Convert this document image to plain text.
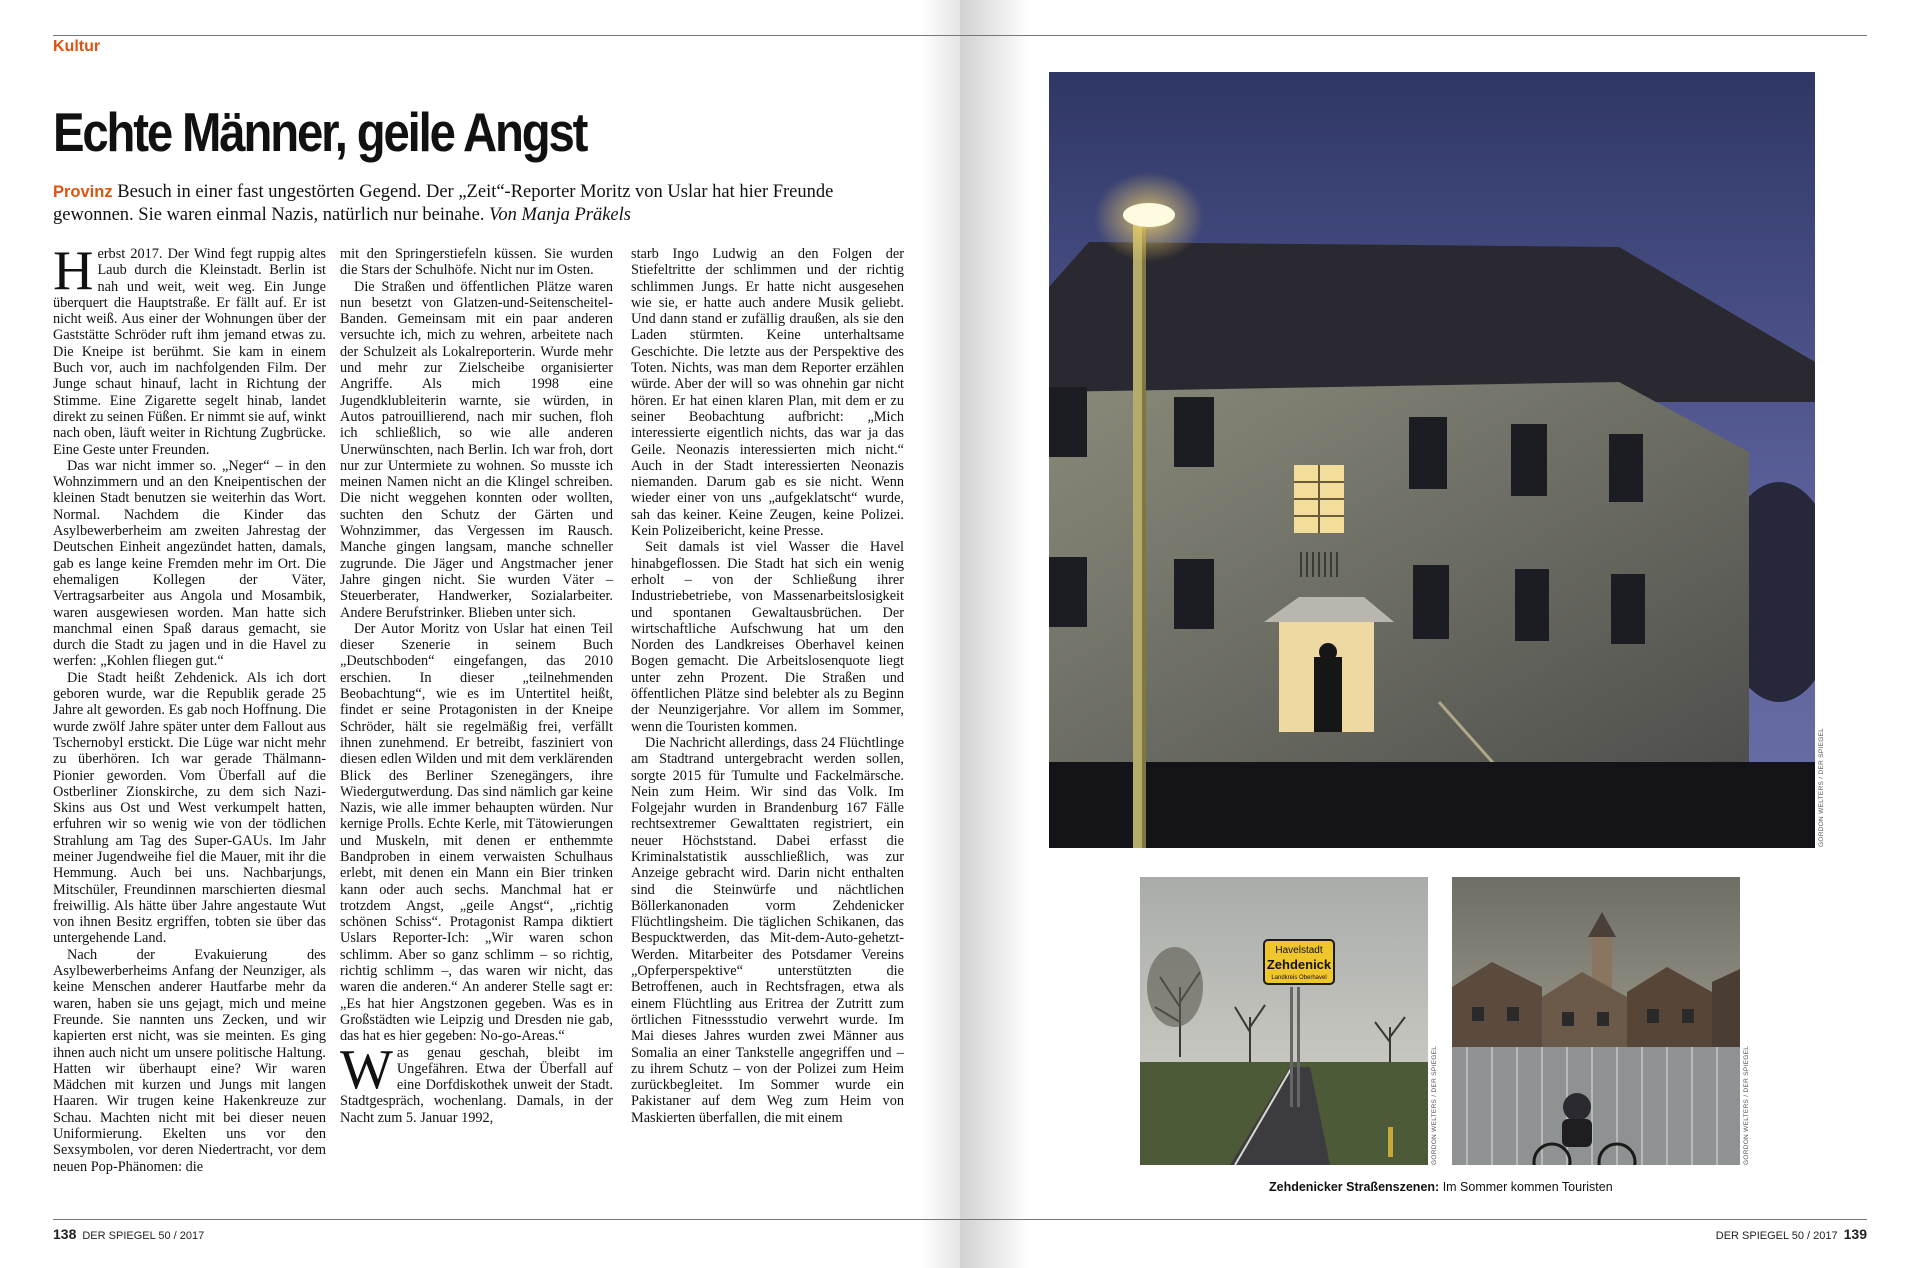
Kultur
Echte Männer, geile Angst
Provinz Besuch in einer fast ungestörten Gegend. Der „Zeit“-Reporter Moritz von Uslar hat hier Freunde gewonnen. Sie waren einmal Nazis, natürlich nur beinahe. Von Manja Präkels

Herbst 2017. Der Wind fegt ruppig altes Laub durch die Kleinstadt. Berlin ist nah und weit, weit weg. Ein Junge überquert die Hauptstraße. Er fällt auf. Er ist nicht weiß. Aus einer der Wohnungen über der Gaststätte Schröder ruft ihm jemand etwas zu. Die Kneipe ist berühmt. Sie kam in einem Buch vor, auch im nachfolgenden Film. Der Junge schaut hinauf, lacht in Richtung der Stimme. Eine Zigarette segelt hinab, landet direkt zu seinen Füßen. Er nimmt sie auf, winkt nach oben, läuft weiter in Richtung Zugbrücke. Eine Geste unter Freunden.

Das war nicht immer so. „Neger“ – in den Wohnzimmern und an den Kneipentischen der kleinen Stadt benutzen sie weiterhin das Wort. Normal. Nachdem die Kinder das Asylbewerberheim am zweiten Jahrestag der Deutschen Einheit angezündet hatten, damals, gab es lange keine Fremden mehr im Ort. Die ehemaligen Kollegen der Väter, Vertragsarbeiter aus Angola und Mosambik, waren ausgewiesen worden. Man hatte sich manchmal einen Spaß daraus gemacht, sie durch die Stadt zu jagen und in die Havel zu werfen: „Kohlen fliegen gut.“

Die Stadt heißt Zehdenick. Als ich dort geboren wurde, war die Republik gerade 25 Jahre alt geworden. Es gab noch Hoffnung. Die wurde zwölf Jahre später unter dem Fallout aus Tschernobyl erstickt. Die Lüge war nicht mehr zu überhören. Ich war gerade Thälmann-Pionier geworden. Vom Überfall auf die Ostberliner Zionskirche, zu dem sich Nazi-Skins aus Ost und West verkumpelt hatten, erfuhren wir so wenig wie von der tödlichen Strahlung am Tag des Super-GAUs. Im Jahr meiner Jugendweihe fiel die Mauer, mit ihr die Hemmung. Auch bei uns. Nachbarjungs, Mitschüler, Freundinnen marschierten diesmal freiwillig. Als hätte über Jahre angestaute Wut von ihnen Besitz ergriffen, tobten sie über das untergehende Land.

Nach der Evakuierung des Asylbewerberheims Anfang der Neunziger, als keine Menschen anderer Hautfarbe mehr da waren, haben sie uns gejagt, mich und meine Freunde. Sie nannten uns Zecken, und wir kapierten erst nicht, was sie meinten. Es ging ihnen auch nicht um unsere politische Haltung. Hatten wir überhaupt eine? Wir waren Mädchen mit kurzen und Jungs mit langen Haaren. Wir trugen keine Hakenkreuze zur Schau. Machten nicht mit bei dieser neuen Uniformierung. Ekelten uns vor den Sexsymbolen, vor deren Niedertracht, vor dem neuen Pop-Phänomen: die

mit den Springerstiefeln küssen. Sie wurden die Stars der Schulhöfe. Nicht nur im Osten.

Die Straßen und öffentlichen Plätze waren nun besetzt von Glatzen-und-Seitenscheitel-Banden. Gemeinsam mit ein paar anderen versuchte ich, mich zu wehren, arbeitete nach der Schulzeit als Lokalreporterin. Wurde mehr und mehr zur Zielscheibe organisierter Angriffe. Als mich 1998 eine Jugendklubleiterin warnte, sie würden, in Autos patrouillierend, nach mir suchen, floh ich schließlich, so wie alle anderen Unerwünschten, nach Berlin. Ich war froh, dort nur zur Untermiete zu wohnen. So musste ich meinen Namen nicht an die Klingel schreiben. Die nicht weggehen konnten oder wollten, suchten den Schutz der Gärten und Wohnzimmer, das Vergessen im Rausch. Manche gingen langsam, manche schneller zugrunde. Die Jäger und Angstmacher jener Jahre gingen nicht. Sie wurden Väter – Steuerberater, Handwerker, Sozialarbeiter. Andere Berufstrinker. Blieben unter sich.

Der Autor Moritz von Uslar hat einen Teil dieser Szenerie in seinem Buch „Deutschboden“ eingefangen, das 2010 erschien. In dieser „teilnehmenden Beobachtung“, wie es im Untertitel heißt, findet er seine Protagonisten in der Kneipe Schröder, hält sie regelmäßig frei, verfällt ihnen zunehmend. Er betreibt, fasziniert von diesen edlen Wilden und mit dem verklärenden Blick des Berliner Szenegängers, ihre Wiedergutwerdung. Das sind nämlich gar keine Nazis, wie alle immer behaupten würden. Nur kernige Prolls. Echte Kerle, mit Tätowierungen und Muskeln, mit denen er enthemmte Bandproben in einem verwaisten Schulhaus erlebt, mit denen ein Mann ein Bier trinken kann oder auch sechs. Manchmal hat er trotzdem Angst, „geile Angst“, „richtig schönen Schiss“. Protagonist Rampa diktiert Uslars Reporter-Ich: „Wir waren schon schlimm. Aber so ganz schlimm – so richtig, richtig schlimm –, das waren wir nicht, das waren die anderen.“ An anderer Stelle sagt er: „Es hat hier Angstzonen gegeben. Was es in Großstädten wie Leipzig und Dresden nie gab, das hat es hier gegeben: No-go-Areas.“

Was genau geschah, bleibt im Ungefähren. Etwa der Überfall auf eine Dorfdiskothek unweit der Stadt. Stadtgespräch, wochenlang. Damals, in der Nacht zum 5. Januar 1992,

starb Ingo Ludwig an den Folgen der Stiefeltritte der schlimmen und der richtig schlimmen Jungs. Er hatte nicht ausgesehen wie sie, er hatte auch andere Musik geliebt. Und dann stand er zufällig draußen, als sie den Laden stürmten. Keine unterhaltsame Geschichte. Die letzte aus der Perspektive des Toten. Nichts, was man dem Reporter erzählen würde. Aber der will so was ohnehin gar nicht hören. Er hat einen klaren Plan, mit dem er zu seiner Beobachtung aufbricht: „Mich interessierte eigentlich nichts, das war ja das Geile. Neonazis interessierten mich nicht.“ Auch in der Stadt interessierten Neonazis niemanden. Darum gab es sie nicht. Wenn wieder einer von uns „aufgeklatscht“ wurde, sah das keiner. Keine Zeugen, keine Polizei. Kein Polizeibericht, keine Presse.

Seit damals ist viel Wasser die Havel hinabgeflossen. Die Stadt hat sich ein wenig erholt – von der Schließung ihrer Industriebetriebe, von Massenarbeitslosigkeit und spontanen Gewaltausbrüchen. Der wirtschaftliche Aufschwung hat um den Norden des Landkreises Oberhavel keinen Bogen gemacht. Die Arbeitslosenquote liegt unter zehn Prozent. Die Straßen und öffentlichen Plätze sind belebter als zu Beginn der Neunzigerjahre. Vor allem im Sommer, wenn die Touristen kommen.

Die Nachricht allerdings, dass 24 Flüchtlinge am Stadtrand untergebracht werden sollen, sorgte 2015 für Tumulte und Fackelmärsche. Nein zum Heim. Wir sind das Volk. Im Folgejahr wurden in Brandenburg 167 Fälle rechtsextremer Gewalttaten registriert, ein neuer Höchststand. Dabei erfasst die Kriminalstatistik ausschließlich, was zur Anzeige gebracht wird. Darin nicht enthalten sind die Steinwürfe und nächtlichen Böllerkanonaden vorm Zehdenicker Flüchtlingsheim. Die täglichen Schikanen, das Bespucktwerden, das Mit-dem-Auto-gehetzt-Werden. Mitarbeiter des Potsdamer Vereins „Opferperspektive“ unterstützten die Betroffenen, auch in Rechtsfragen, etwa als einem Flüchtling aus Eritrea der Zutritt zum örtlichen Fitnessstudio verwehrt wurde. Im Mai dieses Jahres wurden zwei Männer aus Somalia an einer Tankstelle angegriffen und – zu ihrem Schutz – von der Polizei zum Heim zurückbegleitet. Im Sommer wurde ein Pakistaner auf dem Weg zum Heim von Maskierten überfallen, die mit einem

138 DER SPIEGEL 50 / 2017
GORDON WELTERS / DER SPIEGEL
Havelstadt
Zehdenick
Landkreis Oberhavel
GORDON WELTERS / DER SPIEGEL	GORDON WELTERS / DER SPIEGEL
Zehdenicker Straßenszenen: Im Sommer kommen Touristen
DER SPIEGEL 50 / 2017 139
